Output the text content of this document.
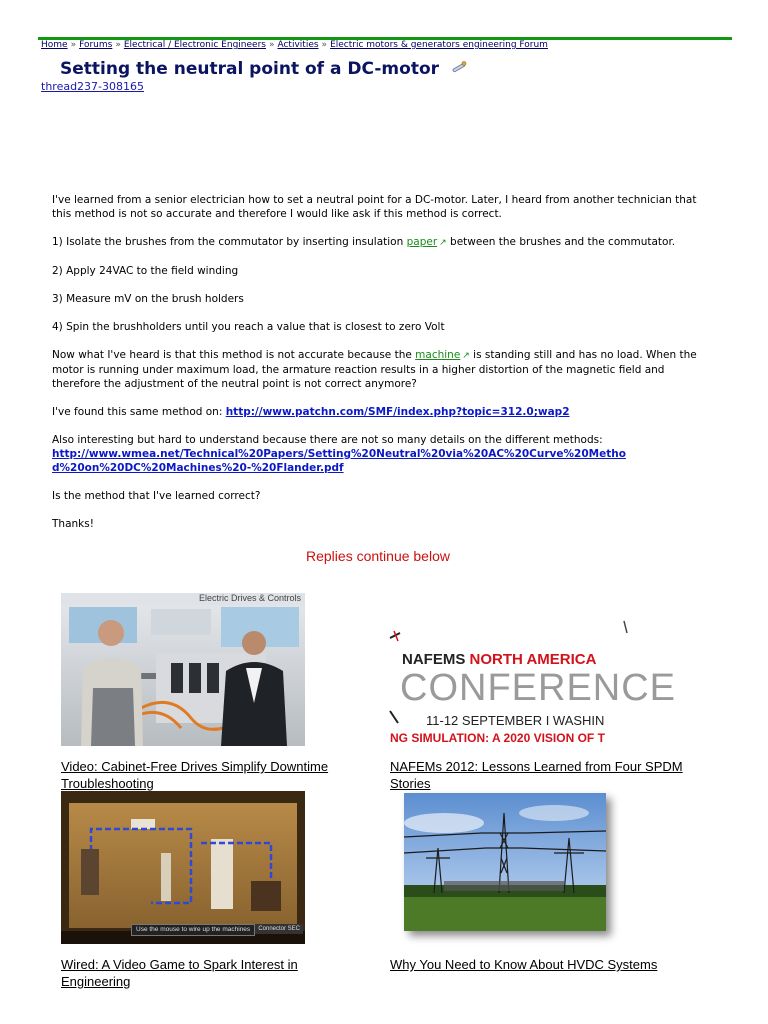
Home » Forums » Electrical / Electronic Engineers » Activities » Electric motors & generators engineering Forum
Setting the neutral point of a DC-motor
thread237-308165

I've learned from a senior electrician how to set a neutral point for a DC-motor. Later, I heard from another technician that this method is not so accurate and therefore I would like ask if this method is correct.

1) Isolate the brushes from the commutator by inserting insulation paper ↗ between the brushes and the commutator.

2) Apply 24VAC to the field winding

3) Measure mV on the brush holders

4) Spin the brushholders until you reach a value that is closest to zero Volt

Now what I've heard is that this method is not accurate because the machine ↗ is standing still and has no load. When the motor is running under maximum load, the armature reaction results in a higher distortion of the magnetic field and therefore the adjustment of the neutral point is not correct anymore?

I've found this same method on: http://www.patchn.com/SMF/index.php?topic=312.0;wap2

Also interesting but hard to understand because there are not so many details on the different methods:
http://www.wmea.net/Technical%20Papers/Setting%20Neutral%20via%20AC%20Curve%20Metho
d%20on%20DC%20Machines%20-%20Flander.pdf

Is the method that I've learned correct?

Thanks!

Replies continue below
Electric Drives & Controls
Video: Cabinet-Free Drives Simplify Downtime Troubleshooting
NAFEMS NORTH AMERICA
CONFERENCE
11-12 SEPTEMBER I WASHIN
NG SIMULATION: A 2020 VISION OF T
NAFEMs 2012: Lessons Learned from Four SPDM Stories
Use the mouse to wire up the machines	Connector SEC
Wired: A Video Game to Spark Interest in Engineering
Why You Need to Know About HVDC Systems
